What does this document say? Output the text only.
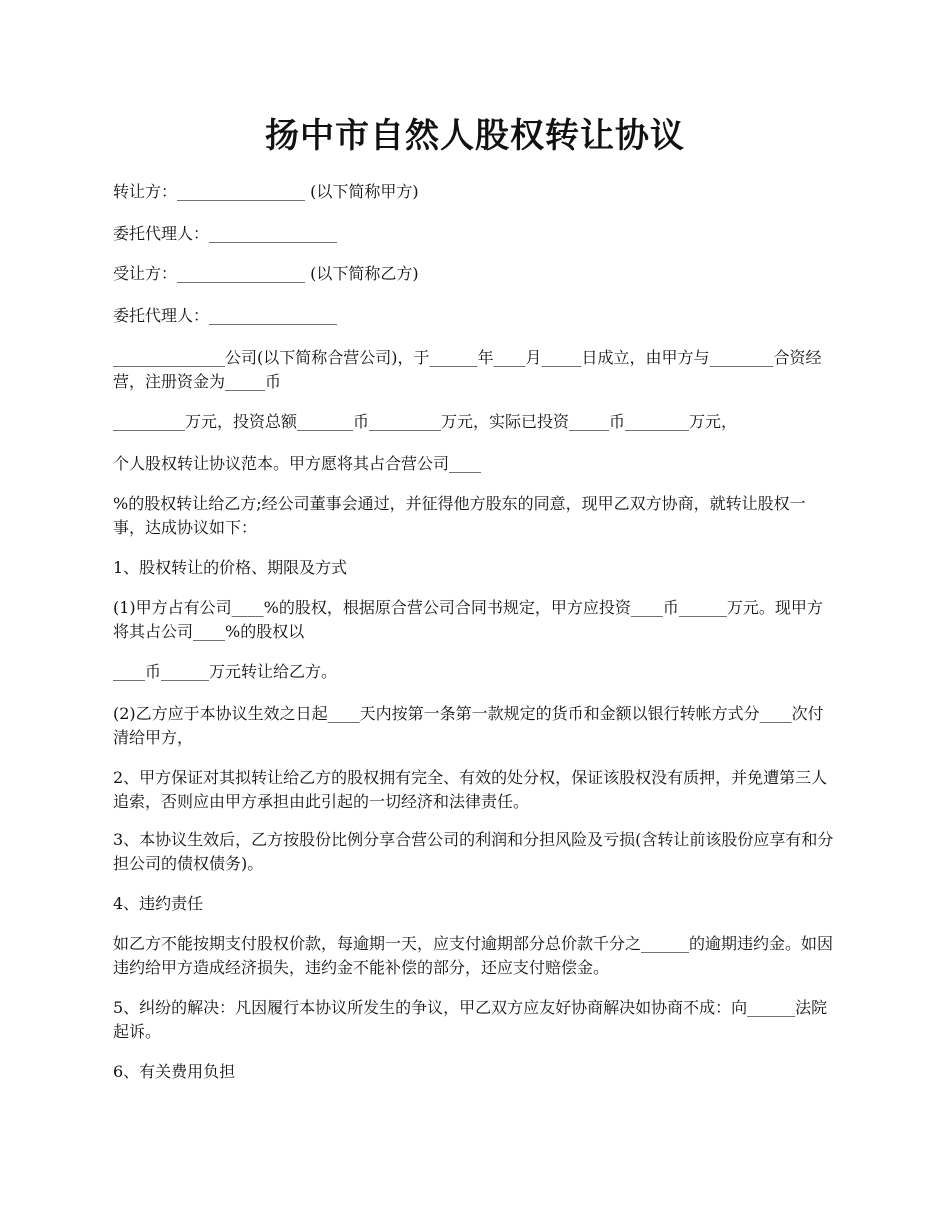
扬中市自然人股权转让协议

转让方：________________ (以下简称甲方)

委托代理人：________________

受让方：________________ (以下简称乙方)

委托代理人：________________

______________公司(以下简称合营公司)，于______年____月_____日成立，由甲方与________合资经营，注册资金为_____币

_________万元，投资总额_______币_________万元，实际已投资_____币________万元，

个人股权转让协议范本。甲方愿将其占合营公司____

%的股权转让给乙方;经公司董事会通过，并征得他方股东的同意，现甲乙双方协商，就转让股权一事，达成协议如下：

1、股权转让的价格、期限及方式

(1)甲方占有公司____%的股权，根据原合营公司合同书规定，甲方应投资____币______万元。现甲方将其占公司____%的股权以

____币______万元转让给乙方。

(2)乙方应于本协议生效之日起____天内按第一条第一款规定的货币和金额以银行转帐方式分____次付清给甲方，

2、甲方保证对其拟转让给乙方的股权拥有完全、有效的处分权，保证该股权没有质押，并免遭第三人追索，否则应由甲方承担由此引起的一切经济和法律责任。

3、本协议生效后，乙方按股份比例分享合营公司的利润和分担风险及亏损(含转让前该股份应享有和分担公司的债权债务)。

4、违约责任

如乙方不能按期支付股权价款，每逾期一天，应支付逾期部分总价款千分之______的逾期违约金。如因违约给甲方造成经济损失，违约金不能补偿的部分，还应支付赔偿金。

5、纠纷的解决：凡因履行本协议所发生的争议，甲乙双方应友好协商解决如协商不成：向______法院起诉。

6、有关费用负担
